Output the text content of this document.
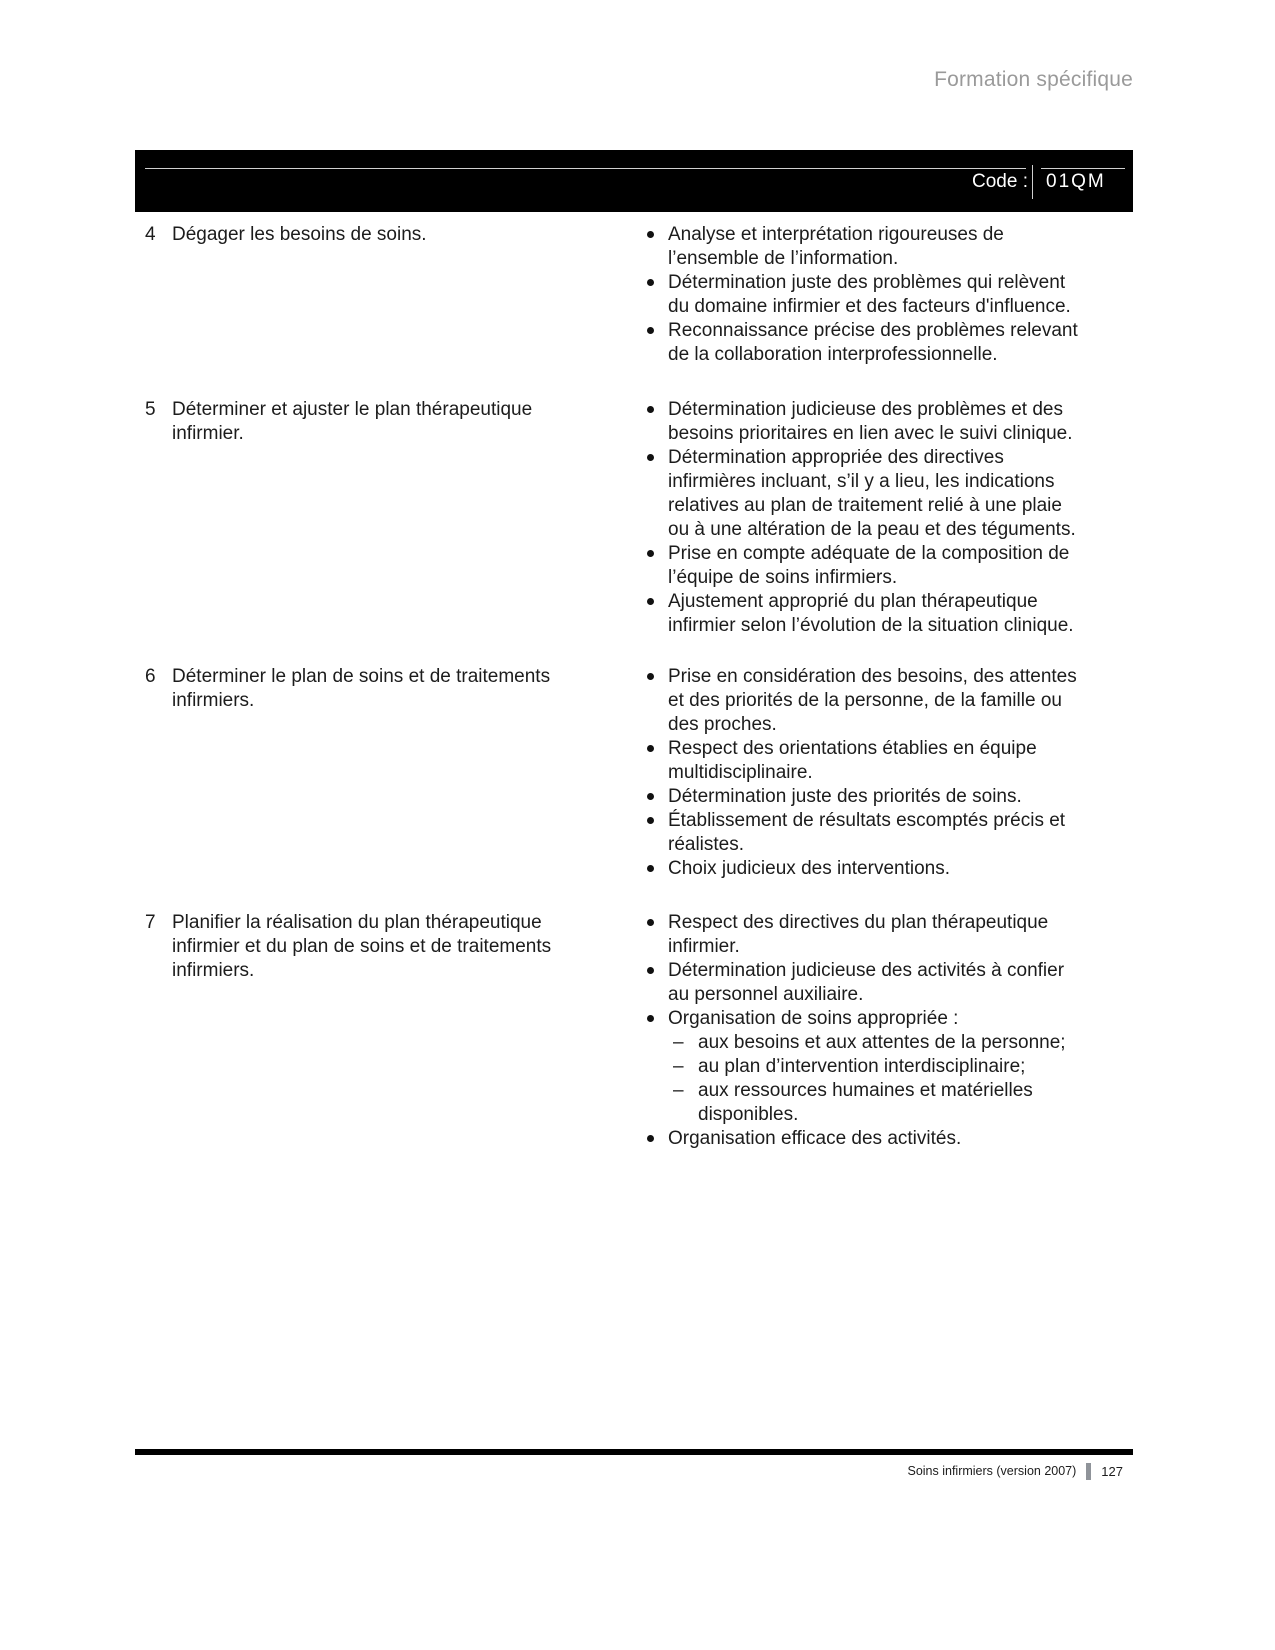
Formation spécifique
Code : 01QM
4 Dégager les besoins de soins.	Analyse et interprétation rigoureuses de l’ensemble de l’information.
Détermination juste des problèmes qui relèvent du domaine infirmier et des facteurs d'influence.
Reconnaissance précise des problèmes relevant de la collaboration interprofessionnelle.
5 Déterminer et ajuster le plan thérapeutique infirmier.
Détermination judicieuse des problèmes et des besoins prioritaires en lien avec le suivi clinique.
Détermination appropriée des directives infirmières incluant, s’il y a lieu, les indications relatives au plan de traitement relié à une plaie ou à une altération de la peau et des téguments.
Prise en compte adéquate de la composition de l’équipe de soins infirmiers.
Ajustement approprié du plan thérapeutique infirmier selon l’évolution de la situation clinique.
6 Déterminer le plan de soins et de traitements infirmiers.
Prise en considération des besoins, des attentes et des priorités de la personne, de la famille ou des proches.
Respect des orientations établies en équipe multidisciplinaire.
Détermination juste des priorités de soins.
Établissement de résultats escomptés précis et réalistes.
Choix judicieux des interventions.
7 Planifier la réalisation du plan thérapeutique infirmier et du plan de soins et de traitements infirmiers.
Respect des directives du plan thérapeutique infirmier.
Détermination judicieuse des activités à confier au personnel auxiliaire.
Organisation de soins appropriée :
– aux besoins et aux attentes de la personne;
– au plan d’intervention interdisciplinaire;
– aux ressources humaines et matérielles disponibles.
Organisation efficace des activités.
Soins infirmiers (version 2007) 127
